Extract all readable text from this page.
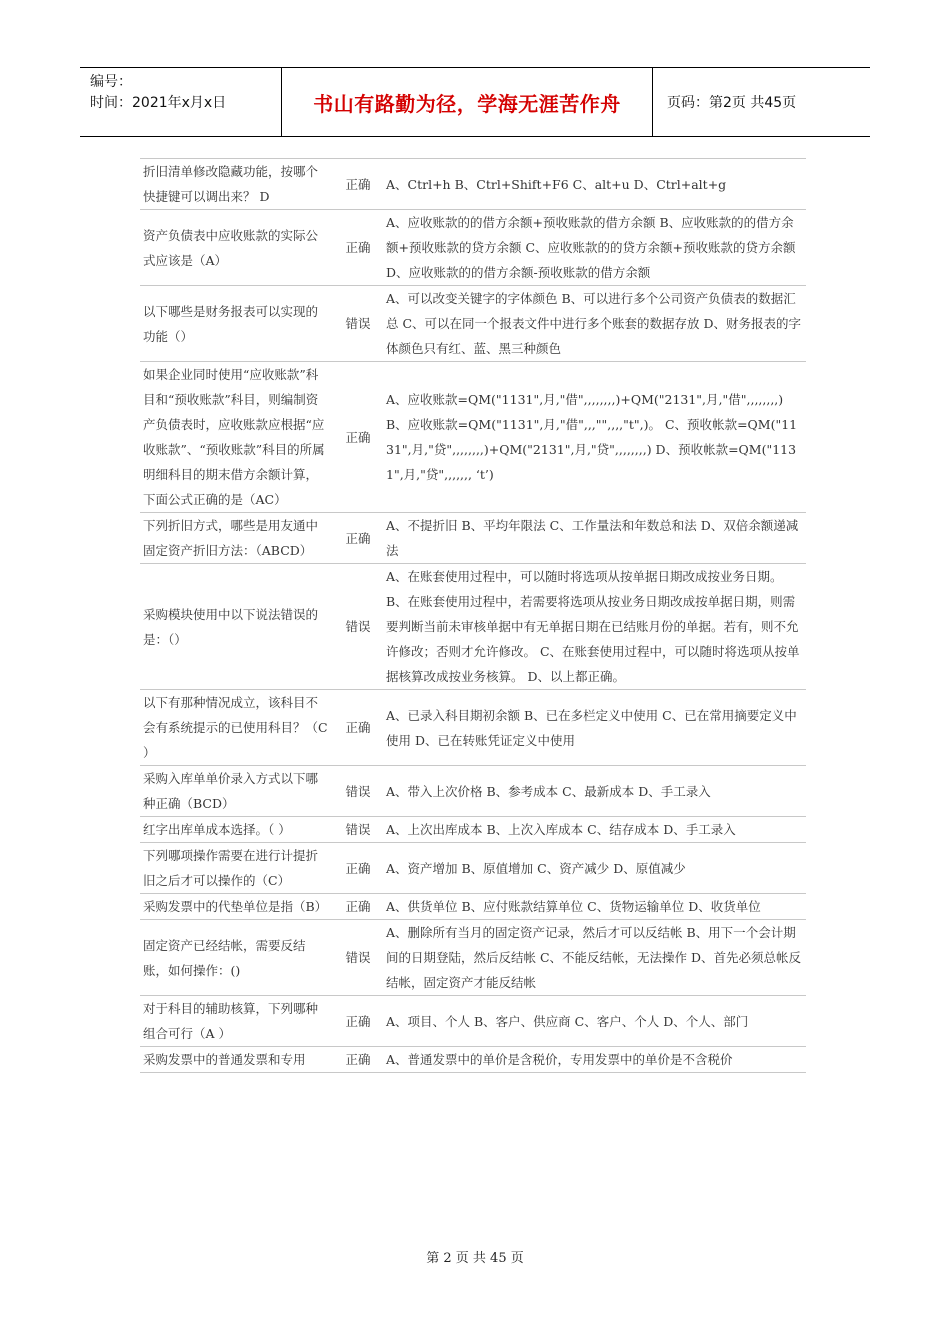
编号：
时间：2021年x月x日	书山有路勤为径，学海无涯苦作舟	页码：第2页 共45页
折旧清单修改隐藏功能，按哪个快捷键可以调出来？ D	正确	A、Ctrl+h B、Ctrl+Shift+F6 C、alt+u D、Ctrl+alt+g
资产负债表中应收账款的实际公式应该是（A）	正确	A、应收账款的的借方余额+预收账款的借方余额 B、应收账款的的借方余额+预收账款的贷方余额 C、应收账款的的贷方余额+预收账款的贷方余额 D、应收账款的的借方余额-预收账款的借方余额
以下哪些是财务报表可以实现的功能（）	错误	A、可以改变关键字的字体颜色 B、可以进行多个公司资产负债表的数据汇总 C、可以在同一个报表文件中进行多个账套的数据存放 D、财务报表的字体颜色只有红、蓝、黑三种颜色
如果企业同时使用“应收账款”科目和“预收账款”科目，则编制资产负债表时，应收账款应根据“应收账款”、“预收账款”科目的所属明细科目的期末借方余额计算，下面公式正确的是（AC）	正确	A、应收账款=QM("1131",月,"借",,,,,,,,)+QM("2131",月,"借",,,,,,,,) B、应收账款=QM("1131",月,"借",,,"",,,,"t",)。 C、预收帐款=QM("1131",月,"贷",,,,,,,,)+QM("2131",月,"贷",,,,,,,,) D、预收帐款=QM("1131",月,"贷",,,,,,, ‘t’)
下列折旧方式，哪些是用友通中固定资产折旧方法：（ABCD）	正确	A、不提折旧 B、平均年限法 C、工作量法和年数总和法 D、双倍余额递减法
采购模块使用中以下说法错误的是：（）	错误	A、在账套使用过程中，可以随时将选项从按单据日期改成按业务日期。 B、在账套使用过程中，若需要将选项从按业务日期改成按单据日期，则需要判断当前未审核单据中有无单据日期在已结账月份的单据。若有，则不允许修改；否则才允许修改。 C、在账套使用过程中，可以随时将选项从按单据核算改成按业务核算。 D、以上都正确。
以下有那种情况成立，该科目不会有系统提示的已使用科目？（C ）	正确	A、已录入科目期初余额 B、已在多栏定义中使用 C、已在常用摘要定义中使用 D、已在转账凭证定义中使用
采购入库单单价录入方式以下哪种正确（BCD）	错误	A、带入上次价格 B、参考成本 C、最新成本 D、手工录入
红字出库单成本选择。（ ）	错误	A、上次出库成本 B、上次入库成本 C、结存成本 D、手工录入
下列哪项操作需要在进行计提折旧之后才可以操作的（C）	正确	A、资产增加 B、原值增加 C、资产减少 D、原值减少
采购发票中的代垫单位是指（B）	正确	A、供货单位 B、应付账款结算单位 C、货物运输单位 D、收货单位
固定资产已经结帐，需要反结账，如何操作：()	错误	A、删除所有当月的固定资产记录，然后才可以反结帐 B、用下一个会计期间的日期登陆，然后反结帐 C、不能反结帐，无法操作 D、首先必须总帐反结帐，固定资产才能反结帐
对于科目的辅助核算，下列哪种组合可行（A ）	正确	A、项目、个人 B、客户、供应商 C、客户、个人 D、个人、部门
采购发票中的普通发票和专用	正确	A、普通发票中的单价是含税价，专用发票中的单价是不含税价
第 2 页 共 45 页
